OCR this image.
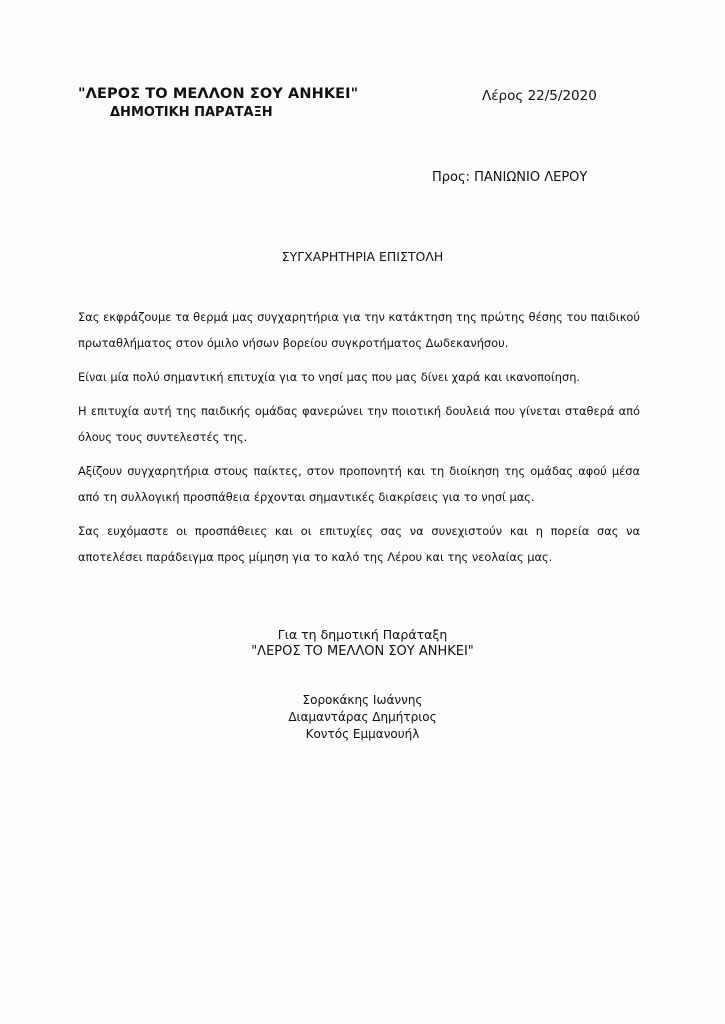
"ΛΕΡΟΣ ΤΟ ΜΕΛΛΟΝ ΣΟΥ ΑΝΗΚΕΙ"
ΔΗΜΟΤΙΚΗ ΠΑΡΑΤΑΞΗ
Λέρος 22/5/2020
Προς: ΠΑΝΙΩΝΙΟ ΛΕΡΟΥ
ΣΥΓΧΑΡΗΤΗΡΙΑ ΕΠΙΣΤΟΛΗ

Σας εκφράζουμε τα θερμά μας συγχαρητήρια για την κατάκτηση της πρώτης θέσης του παιδικού πρωταθλήματος στον όμιλο νήσων βορείου συγκροτήματος Δωδεκανήσου.

Είναι μία πολύ σημαντική επιτυχία για το νησί μας που μας δίνει χαρά και ικανοποίηση.

Η επιτυχία αυτή της παιδικής ομάδας φανερώνει την ποιοτική δουλειά που γίνεται σταθερά από όλους τους συντελεστές της.

Αξίζουν συγχαρητήρια στους παίκτες, στον προπονητή και τη διοίκηση της ομάδας αφού μέσα από τη συλλογική προσπάθεια έρχονται σημαντικές διακρίσεις για το νησί μας.

Σας ευχόμαστε οι προσπάθειες και οι επιτυχίες σας να συνεχιστούν και η πορεία σας να αποτελέσει παράδειγμα προς μίμηση για το καλό της Λέρου και της νεολαίας μας.

Για τη δημοτική Παράταξη
"ΛΕΡΟΣ ΤΟ ΜΕΛΛΟΝ ΣΟΥ ΑΝΗΚΕΙ"
Σοροκάκης Ιωάννης
Διαμαντάρας Δημήτριος
Κοντός Εμμανουήλ
